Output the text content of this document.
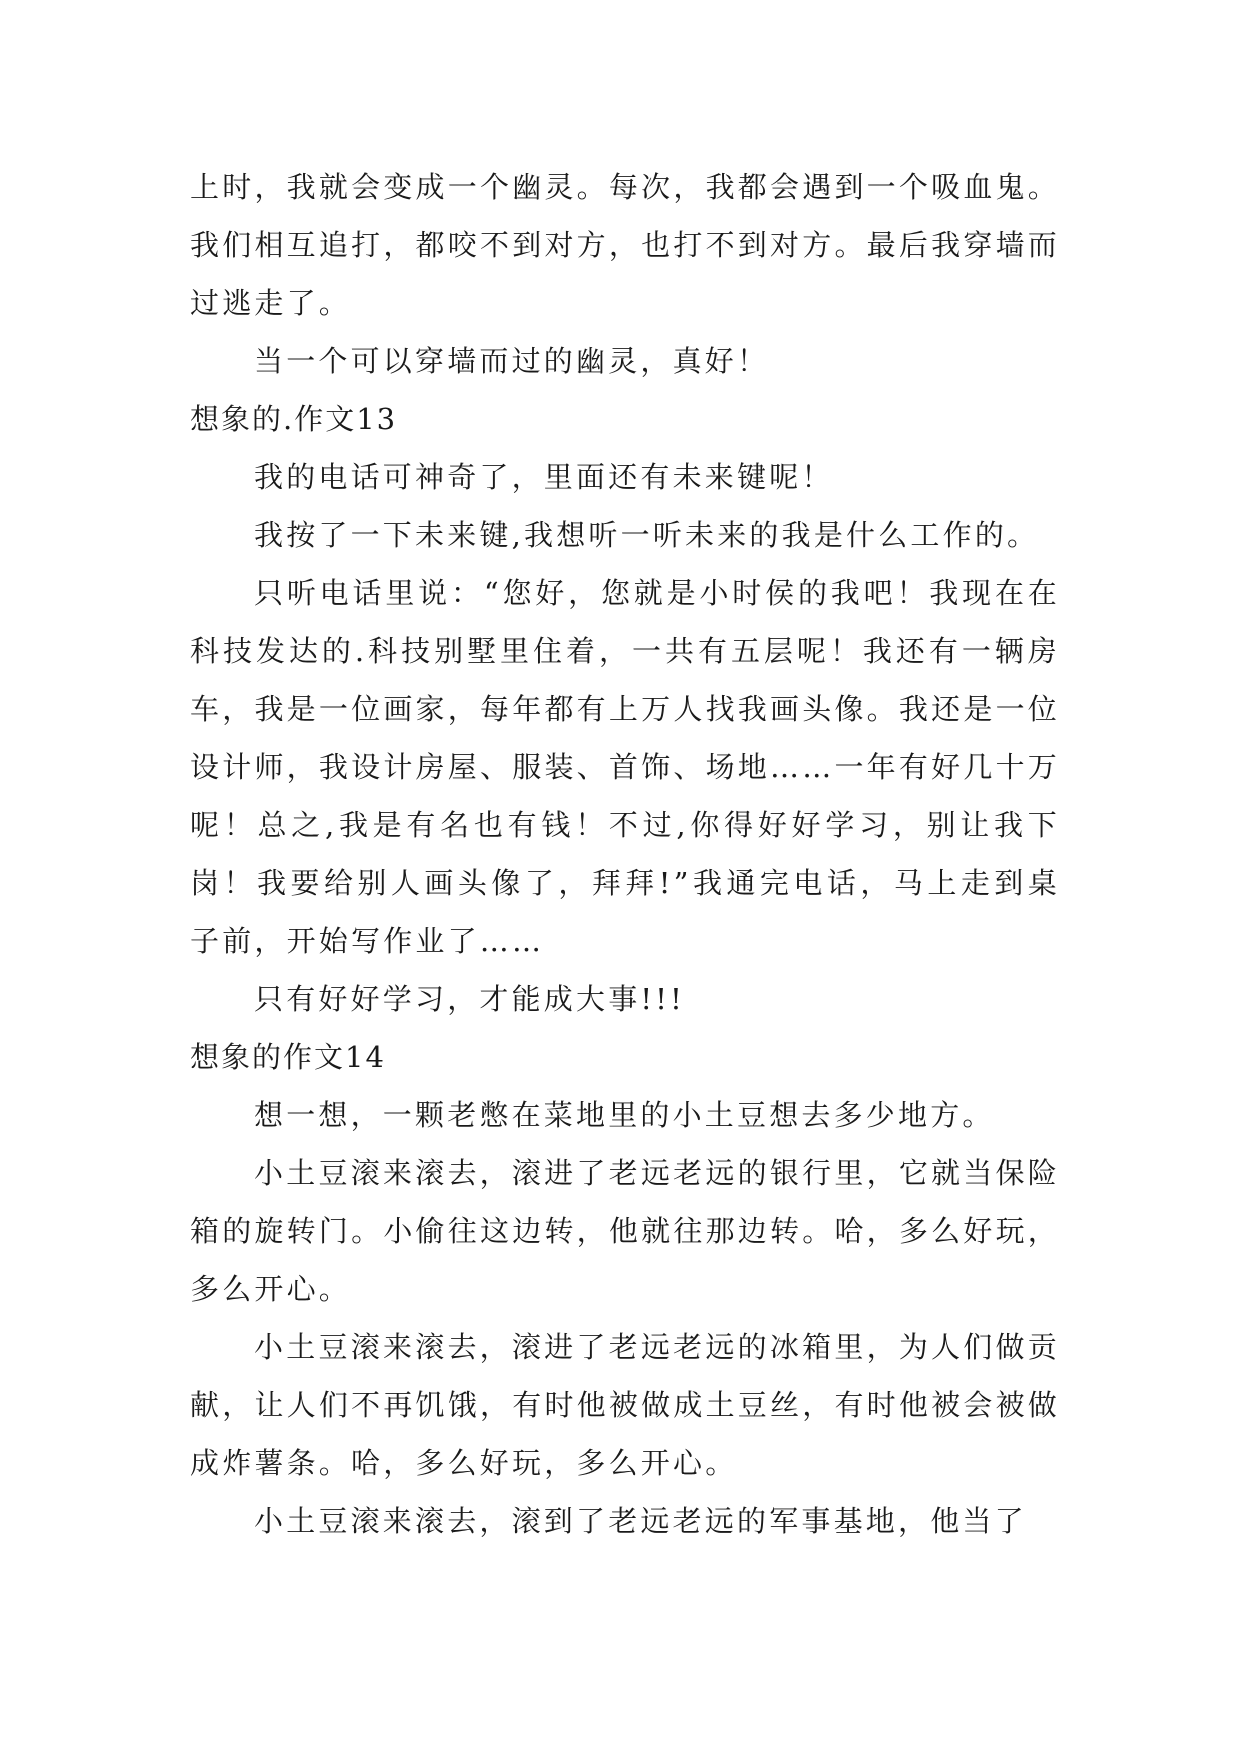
上时，我就会变成一个幽灵。每次，我都会遇到一个吸血鬼。我们相互追打，都咬不到对方，也打不到对方。最后我穿墙而过逃走了。

当一个可以穿墙而过的幽灵，真好！

想象的.作文13

我的电话可神奇了，里面还有未来键呢！

我按了一下未来键,我想听一听未来的我是什么工作的。

只听电话里说：“您好，您就是小时侯的我吧！我现在在科技发达的.科技别墅里住着，一共有五层呢！我还有一辆房车，我是一位画家，每年都有上万人找我画头像。我还是一位设计师，我设计房屋、服装、首饰、场地……一年有好几十万呢！总之,我是有名也有钱！不过,你得好好学习，别让我下岗！我要给别人画头像了，拜拜!”我通完电话，马上走到桌子前，开始写作业了……

只有好好学习，才能成大事!!!

想象的作文14

想一想，一颗老憋在菜地里的小土豆想去多少地方。

小土豆滚来滚去，滚进了老远老远的银行里，它就当保险箱的旋转门。小偷往这边转，他就往那边转。哈，多么好玩，多么开心。

小土豆滚来滚去，滚进了老远老远的冰箱里，为人们做贡献，让人们不再饥饿，有时他被做成土豆丝，有时他被会被做成炸薯条。哈，多么好玩，多么开心。

小土豆滚来滚去，滚到了老远老远的军事基地，他当了
